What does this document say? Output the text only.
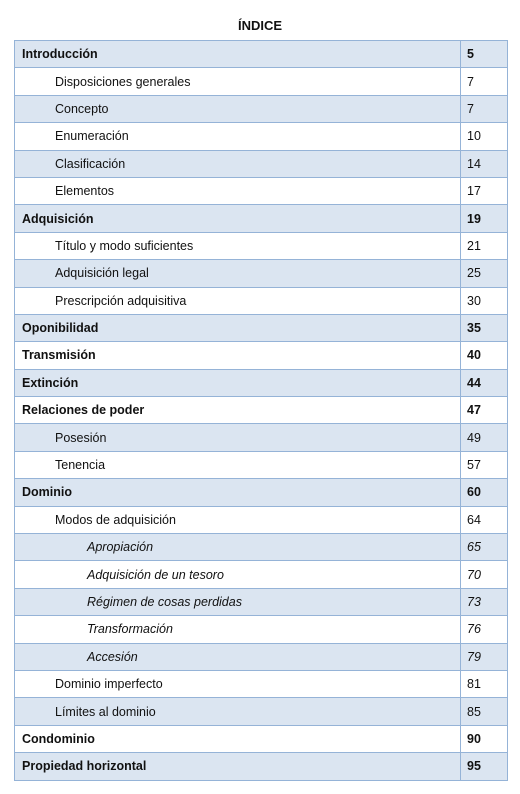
ÍNDICE
Introducción	5
Disposiciones generales	7
Concepto	7
Enumeración	10
Clasificación	14
Elementos	17
Adquisición	19
Título y modo suficientes	21
Adquisición legal	25
Prescripción adquisitiva	30
Oponibilidad	35
Transmisión	40
Extinción	44
Relaciones de poder	47
Posesión	49
Tenencia	57
Dominio	60
Modos de adquisición	64
Apropiación	65
Adquisición de un tesoro	70
Régimen de cosas perdidas	73
Transformación	76
Accesión	79
Dominio imperfecto	81
Límites al dominio	85
Condominio	90
Propiedad horizontal	95
